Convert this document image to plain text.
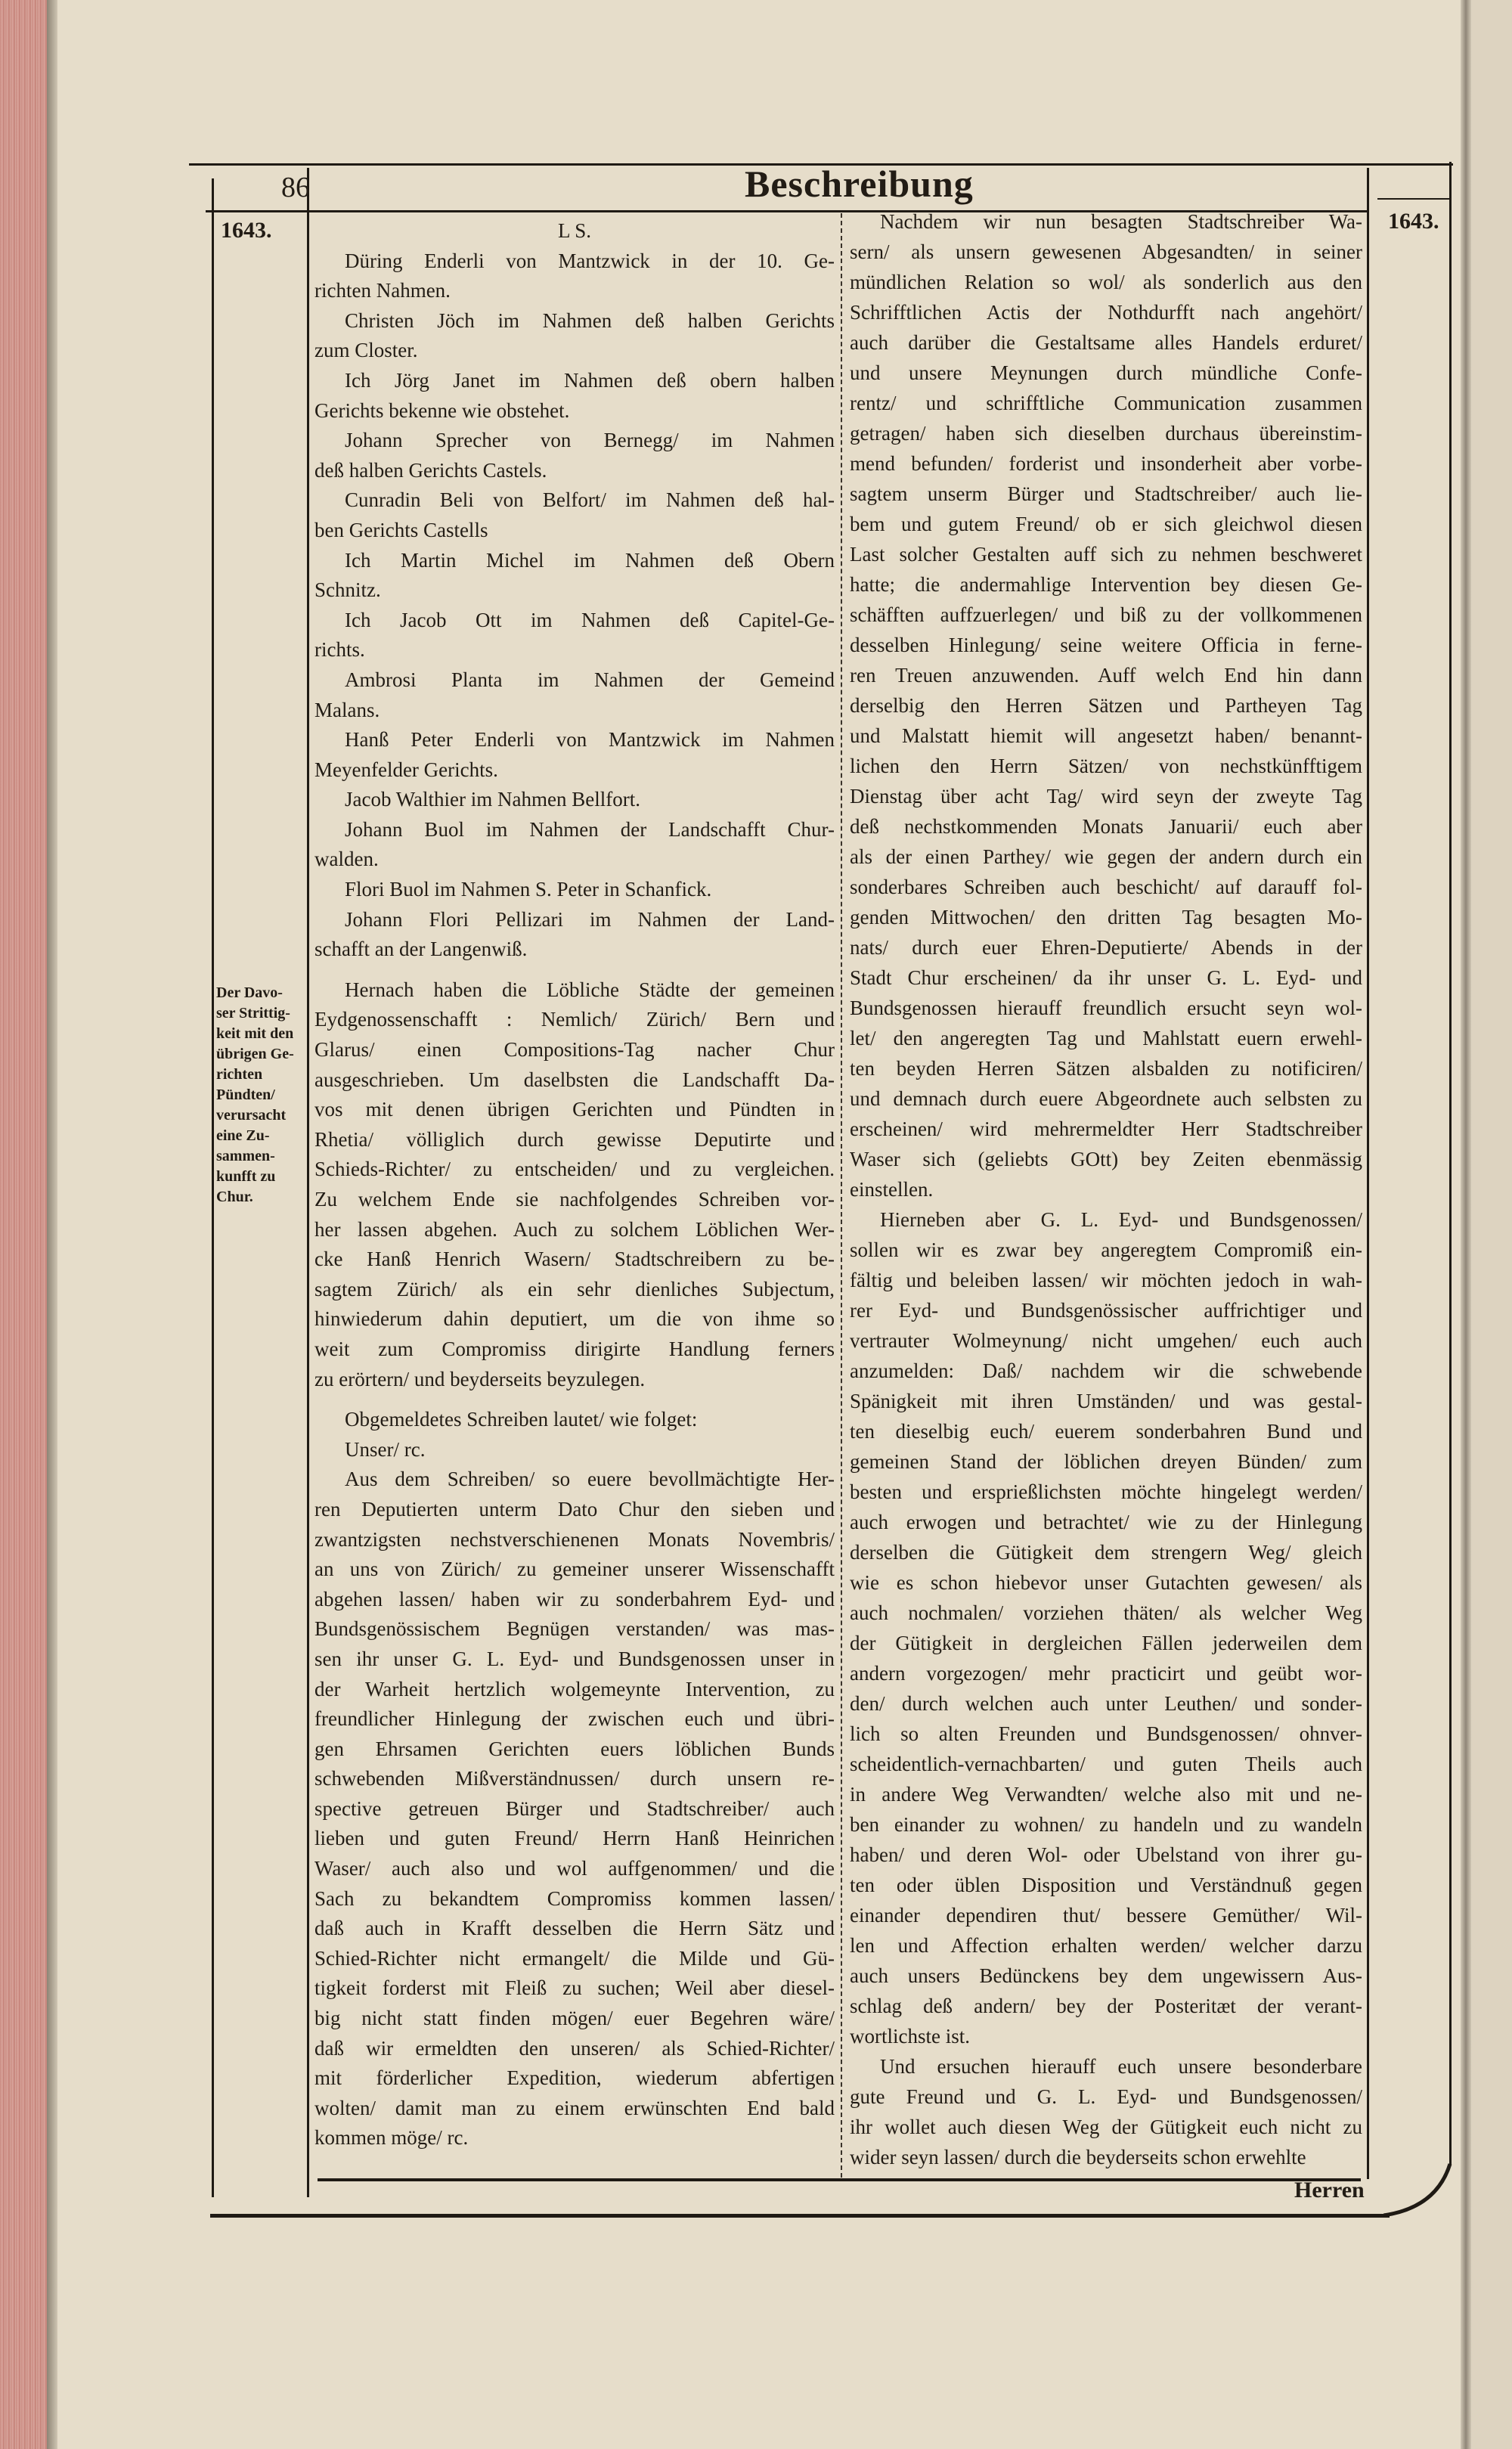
86	Beschreibung
1643.	1643.
Der Davo-
ser Strittig-
keit mit den
übrigen Ge-
richten
Pündten/
verursacht
eine Zu-
sammen-
kunfft zu
Chur.
L S.
Düring Enderli von Mantzwick in der 10. Ge-
richten Nahmen.
Christen Jöch im Nahmen deß halben Gerichts
zum Closter.
Ich Jörg Janet im Nahmen deß obern halben
Gerichts bekenne wie obstehet.
Johann Sprecher von Bernegg/ im Nahmen
deß halben Gerichts Castels.
Cunradin Beli von Belfort/ im Nahmen deß hal-
ben Gerichts Castells
Ich Martin Michel im Nahmen deß Obern
Schnitz.
Ich Jacob Ott im Nahmen deß Capitel-Ge-
richts.
Ambrosi Planta im Nahmen der Gemeind
Malans.
Hanß Peter Enderli von Mantzwick im Nahmen
Meyenfelder Gerichts.
Jacob Walthier im Nahmen Bellfort.
Johann Buol im Nahmen der Landschafft Chur-
walden.
Flori Buol im Nahmen S. Peter in Schanfick.
Johann Flori Pellizari im Nahmen der Land-
schafft an der Langenwiß.
Hernach haben die Löbliche Städte der gemeinen
Eydgenossenschafft : Nemlich/ Zürich/ Bern und
Glarus/ einen Compositions-Tag nacher Chur
ausgeschrieben. Um daselbsten die Landschafft Da-
vos mit denen übrigen Gerichten und Pündten in
Rhetia/ völliglich durch gewisse Deputirte und
Schieds-Richter/ zu entscheiden/ und zu vergleichen.
Zu welchem Ende sie nachfolgendes Schreiben vor-
her lassen abgehen. Auch zu solchem Löblichen Wer-
cke Hanß Henrich Wasern/ Stadtschreibern zu be-
sagtem Zürich/ als ein sehr dienliches Subjectum,
hinwiederum dahin deputiert, um die von ihme so
weit zum Compromiss dirigirte Handlung ferners
zu erörtern/ und beyderseits beyzulegen.
Obgemeldetes Schreiben lautet/ wie folget:
Unser/ rc.
Aus dem Schreiben/ so euere bevollmächtigte Her-
ren Deputierten unterm Dato Chur den sieben und
zwantzigsten nechstverschienenen Monats Novembris/
an uns von Zürich/ zu gemeiner unserer Wissenschafft
abgehen lassen/ haben wir zu sonderbahrem Eyd- und
Bundsgenössischem Begnügen verstanden/ was mas-
sen ihr unser G. L. Eyd- und Bundsgenossen unser in
der Warheit hertzlich wolgemeynte Intervention, zu
freundlicher Hinlegung der zwischen euch und übri-
gen Ehrsamen Gerichten euers löblichen Bunds
schwebenden Mißverständnussen/ durch unsern re-
spective getreuen Bürger und Stadtschreiber/ auch
lieben und guten Freund/ Herrn Hanß Heinrichen
Waser/ auch also und wol auffgenommen/ und die
Sach zu bekandtem Compromiss kommen lassen/
daß auch in Krafft desselben die Herrn Sätz und
Schied-Richter nicht ermangelt/ die Milde und Gü-
tigkeit forderst mit Fleiß zu suchen; Weil aber diesel-
big nicht statt finden mögen/ euer Begehren wäre/
daß wir ermeldten den unseren/ als Schied-Richter/
mit förderlicher Expedition, wiederum abfertigen
wolten/ damit man zu einem erwünschten End bald
kommen möge/ rc.
Nachdem wir nun besagten Stadtschreiber Wa-
sern/ als unsern gewesenen Abgesandten/ in seiner
mündlichen Relation so wol/ als sonderlich aus den
Schrifftlichen Actis der Nothdurfft nach angehört/
auch darüber die Gestaltsame alles Handels erduret/
und unsere Meynungen durch mündliche Confe-
rentz/ und schrifftliche Communication zusammen
getragen/ haben sich dieselben durchaus übereinstim-
mend befunden/ forderist und insonderheit aber vorbe-
sagtem unserm Bürger und Stadtschreiber/ auch lie-
bem und gutem Freund/ ob er sich gleichwol diesen
Last solcher Gestalten auff sich zu nehmen beschweret
hatte; die andermahlige Intervention bey diesen Ge-
schäfften auffzuerlegen/ und biß zu der vollkommenen
desselben Hinlegung/ seine weitere Officia in ferne-
ren Treuen anzuwenden. Auff welch End hin dann
derselbig den Herren Sätzen und Partheyen Tag
und Malstatt hiemit will angesetzt haben/ benannt-
lichen den Herrn Sätzen/ von nechstkünfftigem
Dienstag über acht Tag/ wird seyn der zweyte Tag
deß nechstkommenden Monats Januarii/ euch aber
als der einen Parthey/ wie gegen der andern durch ein
sonderbares Schreiben auch beschicht/ auf darauff fol-
genden Mittwochen/ den dritten Tag besagten Mo-
nats/ durch euer Ehren-Deputierte/ Abends in der
Stadt Chur erscheinen/ da ihr unser G. L. Eyd- und
Bundsgenossen hierauff freundlich ersucht seyn wol-
let/ den angeregten Tag und Mahlstatt euern erwehl-
ten beyden Herren Sätzen alsbalden zu notificiren/
und demnach durch euere Abgeordnete auch selbsten zu
erscheinen/ wird mehrermeldter Herr Stadtschreiber
Waser sich (geliebts GOtt) bey Zeiten ebenmässig
einstellen.
Hierneben aber G. L. Eyd- und Bundsgenossen/
sollen wir es zwar bey angeregtem Compromiß ein-
fältig und beleiben lassen/ wir möchten jedoch in wah-
rer Eyd- und Bundsgenössischer auffrichtiger und
vertrauter Wolmeynung/ nicht umgehen/ euch auch
anzumelden: Daß/ nachdem wir die schwebende
Spänigkeit mit ihren Umständen/ und was gestal-
ten dieselbig euch/ euerem sonderbahren Bund und
gemeinen Stand der löblichen dreyen Bünden/ zum
besten und ersprießlichsten möchte hingelegt werden/
auch erwogen und betrachtet/ wie zu der Hinlegung
derselben die Gütigkeit dem strengern Weg/ gleich
wie es schon hiebevor unser Gutachten gewesen/ als
auch nochmalen/ vorziehen thäten/ als welcher Weg
der Gütigkeit in dergleichen Fällen jederweilen dem
andern vorgezogen/ mehr practicirt und geübt wor-
den/ durch welchen auch unter Leuthen/ und sonder-
lich so alten Freunden und Bundsgenossen/ ohnver-
scheidentlich-vernachbarten/ und guten Theils auch
in andere Weg Verwandten/ welche also mit und ne-
ben einander zu wohnen/ zu handeln und zu wandeln
haben/ und deren Wol- oder Ubelstand von ihrer gu-
ten oder üblen Disposition und Verständnuß gegen
einander dependiren thut/ bessere Gemüther/ Wil-
len und Affection erhalten werden/ welcher darzu
auch unsers Bedünckens bey dem ungewissern Aus-
schlag deß andern/ bey der Posteritæt der verant-
wortlichste ist.
Und ersuchen hierauff euch unsere besonderbare
gute Freund und G. L. Eyd- und Bundsgenossen/
ihr wollet auch diesen Weg der Gütigkeit euch nicht zu
wider seyn lassen/ durch die beyderseits schon erwehlte
Herren
